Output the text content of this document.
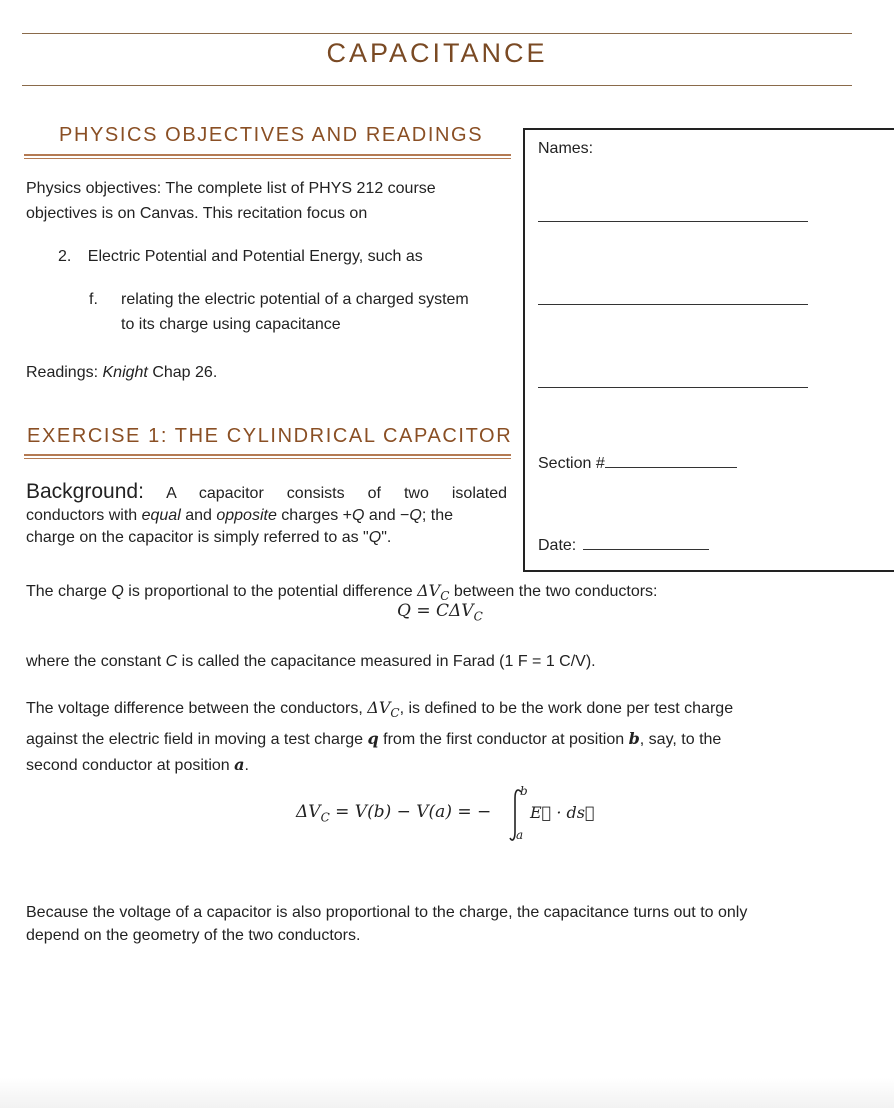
CAPACITANCE
PHYSICS OBJECTIVES AND READINGS
Physics objectives: The complete list of PHYS 212 course
objectives is on Canvas. This recitation focus on
2. Electric Potential and Potential Energy, such as
f. relating the electric potential of a charged system
to its charge using capacitance
Readings: Knight Chap 26.
Names:
Section #
Date:
EXERCISE 1: THE CYLINDRICAL CAPACITOR
Background: A capacitor consists of two isolated
conductors with equal and opposite charges +Q and −Q; the
charge on the capacitor is simply referred to as "Q".
The charge Q is proportional to the potential difference $\Delta V_C$ between the two conductors:
$Q = C\Delta V_C$
where the constant C is called the capacitance measured in Farad (1 F = 1 C/V).
The voltage difference between the conductors, $\Delta V_C$, is defined to be the work done per test charge
against the electric field in moving a test charge q from the first conductor at position b, say, to the
second conductor at position a.
$\Delta V_C = V(b) - V(a)$ = −
b
a
E⃗ · ds⃗
Because the voltage of a capacitor is also proportional to the charge, the capacitance turns out to only
depend on the geometry of the two conductors.
